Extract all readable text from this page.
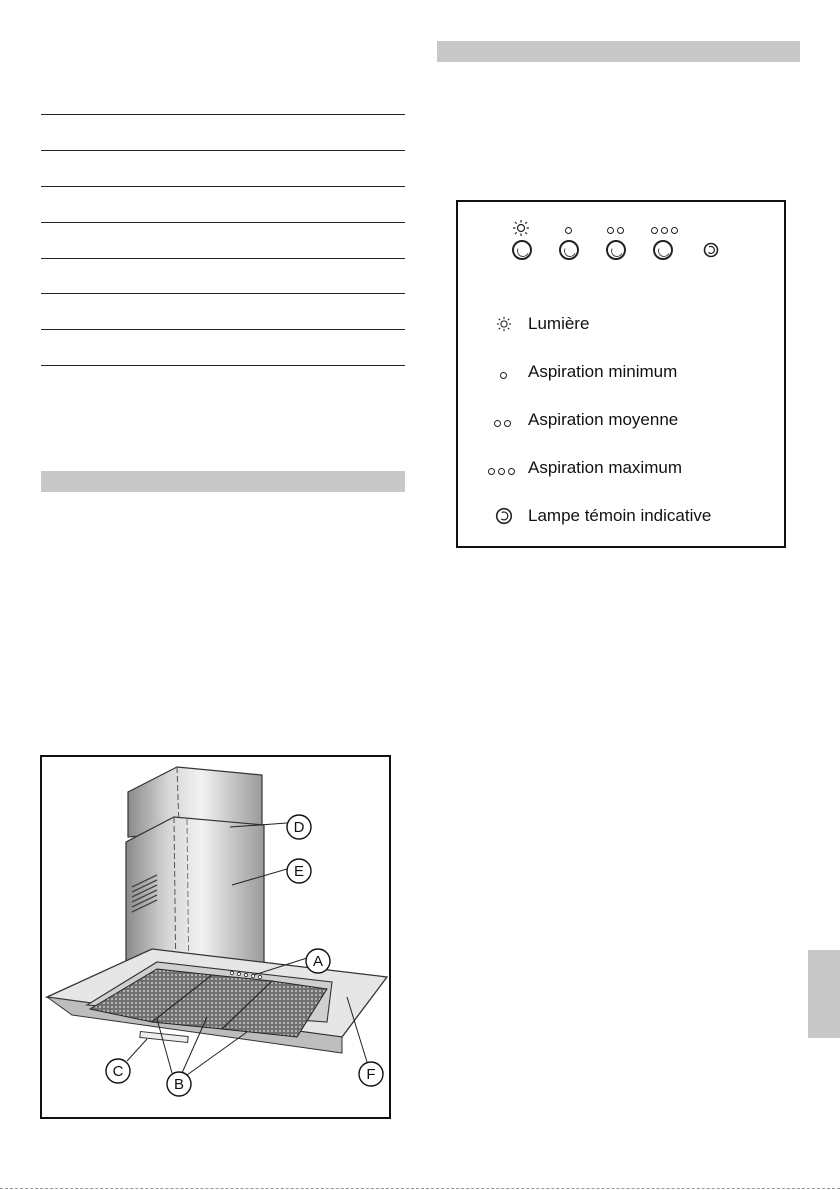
Lumière
Aspiration minimum
Aspiration moyenne
Aspiration maximum
Lampe témoin indicative
D
E
A
C
B
F
